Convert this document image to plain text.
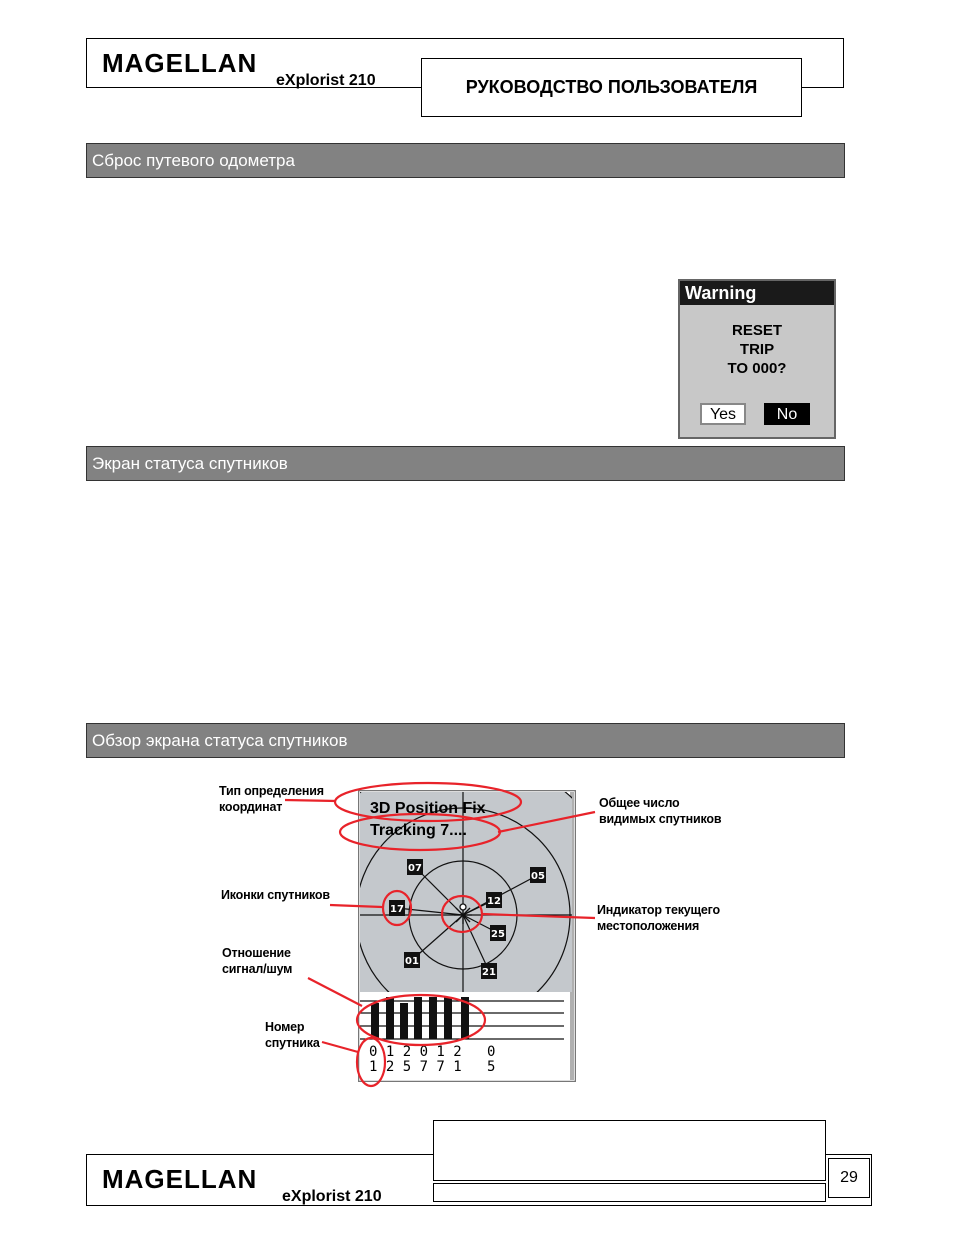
MAGELLAN
eXplorist 210	РУКОВОДСТВО ПОЛЬЗОВАТЕЛЯ
Сброс путевого одометра
Warning
RESET
TRIP
TO 000?
Yes	No
Экран статуса спутников
Обзор экрана статуса спутников
07
05
12
17
25
01
21
3D Position Fix
Tracking 7....
0 1 2 0 1 2   0
1 2 5 7 7 1   5
Тип определения
координат	Общее число
видимых спутников
Иконки спутников
Индикатор текущего
местоположения
Отношение
сигнал/шум
Номер
спутника
29
MAGELLAN
eXplorist 210
